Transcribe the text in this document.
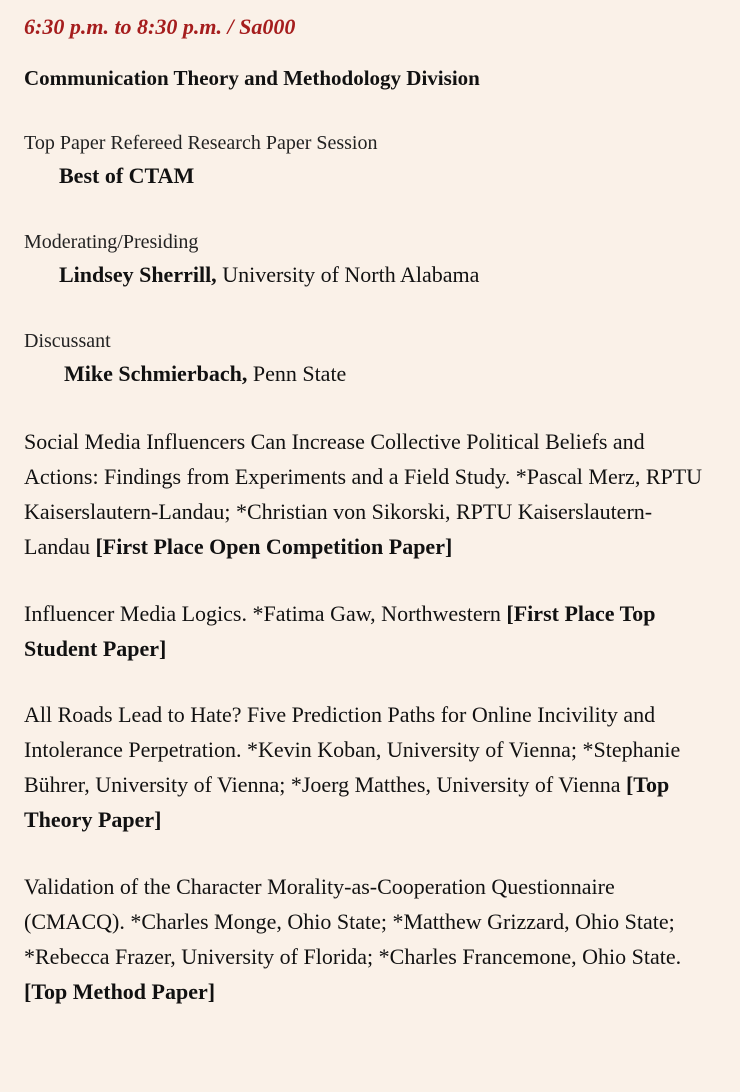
6:30 p.m. to 8:30 p.m. / Sa000

Communication Theory and Methodology Division

Top Paper Refereed Research Paper Session

Best of CTAM

Moderating/Presiding

Lindsey Sherrill, University of North Alabama

Discussant

Mike Schmierbach, Penn State

Social Media Influencers Can Increase Collective Political Beliefs and Actions: Findings from Experiments and a Field Study. *Pascal Merz, RPTU Kaiserslautern-Landau; *Christian von Sikorski, RPTU Kaiserslautern-Landau [First Place Open Competition Paper]

Influencer Media Logics. *Fatima Gaw, Northwestern [First Place Top Student Paper]

All Roads Lead to Hate? Five Prediction Paths for Online Incivility and Intolerance Perpetration. *Kevin Koban, University of Vienna; *Stephanie Bührer, University of Vienna; *Joerg Matthes, University of Vienna [Top Theory Paper]

Validation of the Character Morality-as-Cooperation Questionnaire (CMACQ). *Charles Monge, Ohio State; *Matthew Grizzard, Ohio State; *Rebecca Frazer, University of Florida; *Charles Francemone, Ohio State. [Top Method Paper]
